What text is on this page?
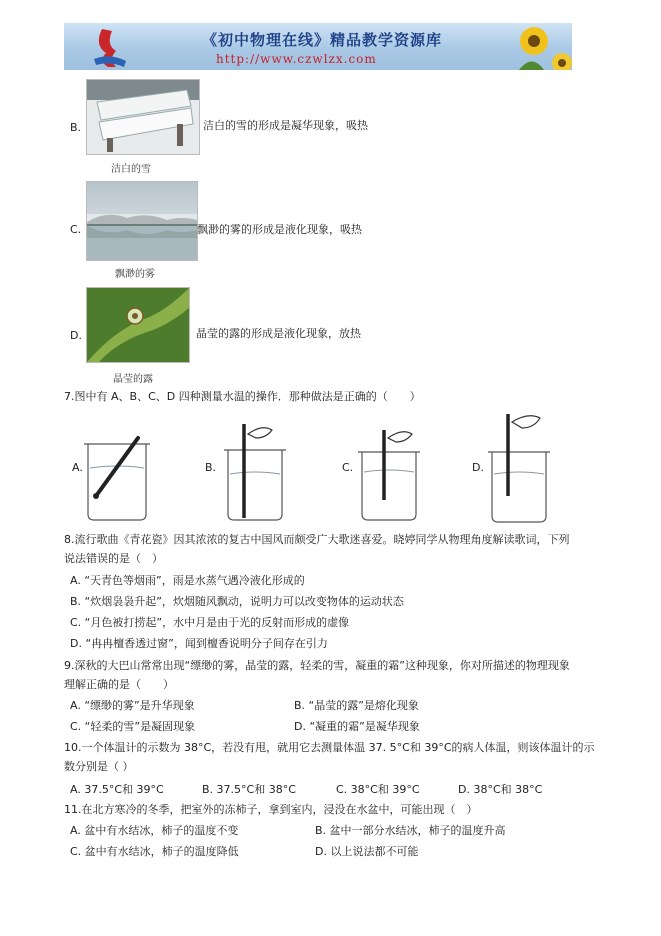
《初中物理在线》精品教学资源库
http://www.czwlzx.com
B.
洁白的雪
洁白的雪的形成是凝华现象，吸热
C.
飘渺的雾
飘渺的雾的形成是液化现象，吸热
D.
晶莹的露
晶莹的露的形成是液化现象，放热
7.图中有 A、B、C、D 四种测量水温的操作．那种做法是正确的（　　）
A.	B.	C.	D.
8.流行歌曲《青花瓷》因其浓浓的复古中国风而颇受广大歌迷喜爱。晓婷同学从物理角度解读歌词，下列
说法错误的是（　）
A. “天青色等烟雨”，雨是水蒸气遇冷液化形成的
B. “炊烟袅袅升起”，炊烟随风飘动，说明力可以改变物体的运动状态
C. “月色被打捞起”，水中月是由于光的反射而形成的虚像
D. “冉冉檀香透过窗”，闻到檀香说明分子间存在引力
9.深秋的大巴山常常出现“缥缈的雾，晶莹的露，轻柔的雪，凝重的霜”这种现象，你对所描述的物理现象
理解正确的是（　　）
A. “缥缈的雾”是升华现象	B. “晶莹的露”是熔化现象
C. “轻柔的雪”是凝固现象	D. “凝重的霜”是凝华现象
10.一个体温计的示数为 38°C，若没有甩，就用它去测量体温 37. 5°C和 39°C的病人体温，则该体温计的示
数分别是（ ）
A. 37.5°C和 39°C	B. 37.5°C和 38°C	C. 38°C和 39°C	D. 38°C和 38°C
11.在北方寒冷的冬季，把室外的冻柿子，拿到室内，浸没在水盆中，可能出现（　）
A. 盆中有水结冰，柿子的温度不变	B. 盆中一部分水结冰，柿子的温度升高
C. 盆中有水结冰，柿子的温度降低	D. 以上说法都不可能
